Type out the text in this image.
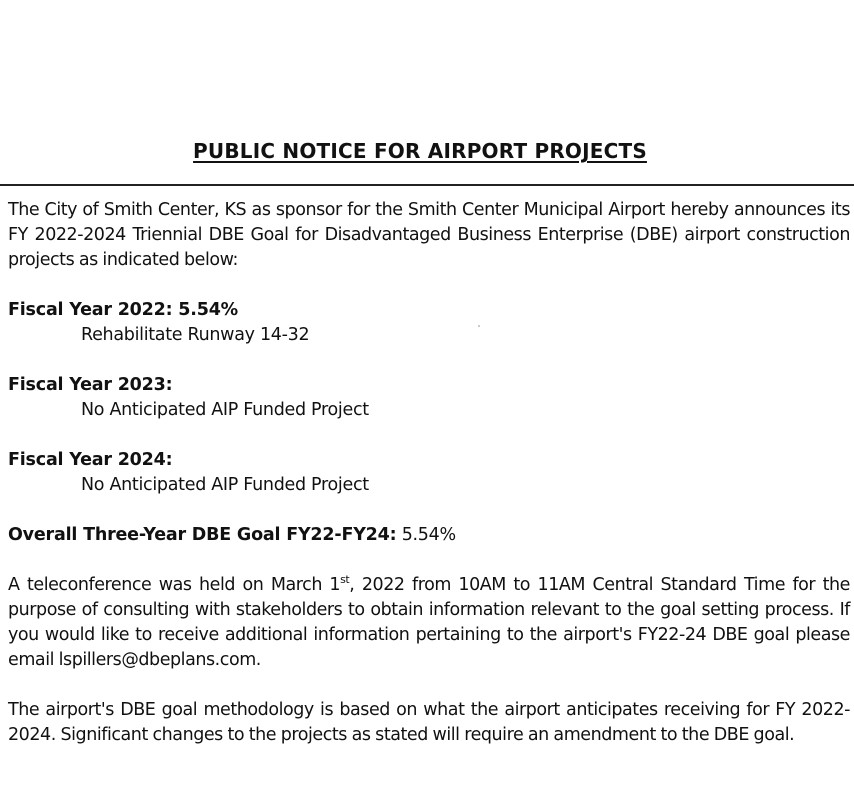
PUBLIC NOTICE FOR AIRPORT PROJECTS

The City of Smith Center, KS as sponsor for the Smith Center Municipal Airport hereby announces its FY 2022-2024 Triennial DBE Goal for Disadvantaged Business Enterprise (DBE) airport construction projects as indicated below:

Fiscal Year 2022: 5.54%
Rehabilitate Runway 14-32
Fiscal Year 2023:
No Anticipated AIP Funded Project
Fiscal Year 2024:
No Anticipated AIP Funded Project
Overall Three-Year DBE Goal FY22-FY24: 5.54%

A teleconference was held on March 1st, 2022 from 10AM to 11AM Central Standard Time for the purpose of consulting with stakeholders to obtain information relevant to the goal setting process. If you would like to receive additional information pertaining to the airport's FY22-24 DBE goal please email lspillers@dbeplans.com.

The airport's DBE goal methodology is based on what the airport anticipates receiving for FY 2022-2024. Significant changes to the projects as stated will require an amendment to the DBE goal.
